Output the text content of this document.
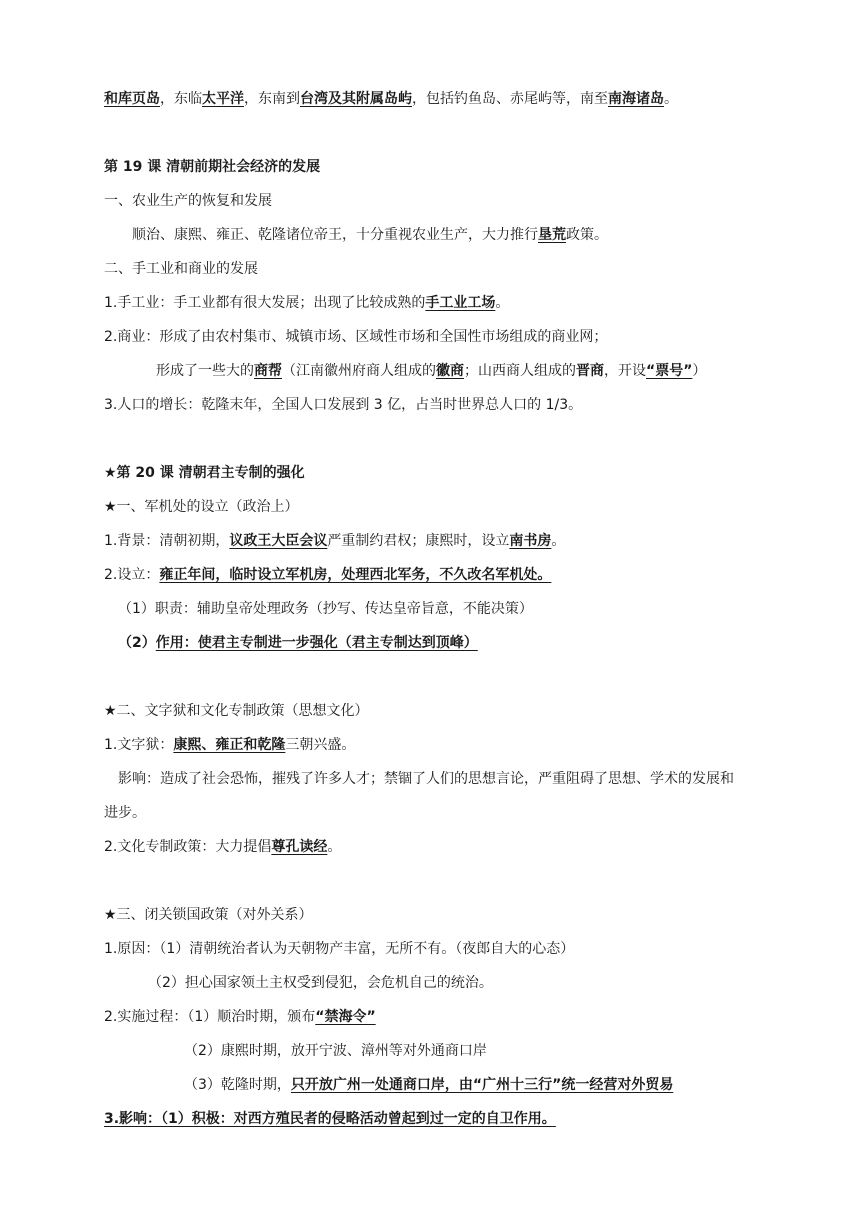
和库页岛，东临太平洋，东南到台湾及其附属岛屿，包括钓鱼岛、赤尾屿等，南至南海诸岛。
第 19 课 清朝前期社会经济的发展
一、农业生产的恢复和发展
顺治、康熙、雍正、乾隆诸位帝王，十分重视农业生产，大力推行垦荒政策。
二、手工业和商业的发展
1.手工业：手工业都有很大发展；出现了比较成熟的手工业工场。
2.商业：形成了由农村集市、城镇市场、区域性市场和全国性市场组成的商业网；
形成了一些大的商帮（江南徽州府商人组成的徽商；山西商人组成的晋商，开设“票号”）
3.人口的增长：乾隆末年，全国人口发展到 3 亿，占当时世界总人口的 1/3。
★第 20 课 清朝君主专制的强化
★一、军机处的设立（政治上）
1.背景：清朝初期，议政王大臣会议严重制约君权；康熙时，设立南书房。
2.设立：雍正年间，临时设立军机房，处理西北军务，不久改名军机处。
（1）职责：辅助皇帝处理政务（抄写、传达皇帝旨意，不能决策）
（2）作用：使君主专制进一步强化（君主专制达到顶峰）
★二、文字狱和文化专制政策（思想文化）
1.文字狱：康熙、雍正和乾隆三朝兴盛。
影响：造成了社会恐怖，摧残了许多人才；禁锢了人们的思想言论，严重阻碍了思想、学术的发展和
进步。
2.文化专制政策：大力提倡尊孔读经。
★三、闭关锁国政策（对外关系）
1.原因：（1）清朝统治者认为天朝物产丰富，无所不有。（夜郎自大的心态）
（2）担心国家领土主权受到侵犯，会危机自己的统治。
2.实施过程：（1）顺治时期，颁布“禁海令”
（2）康熙时期，放开宁波、漳州等对外通商口岸
（3）乾隆时期，只开放广州一处通商口岸，由“广州十三行”统一经营对外贸易
3.影响：（1）积极：对西方殖民者的侵略活动曾起到过一定的自卫作用。
